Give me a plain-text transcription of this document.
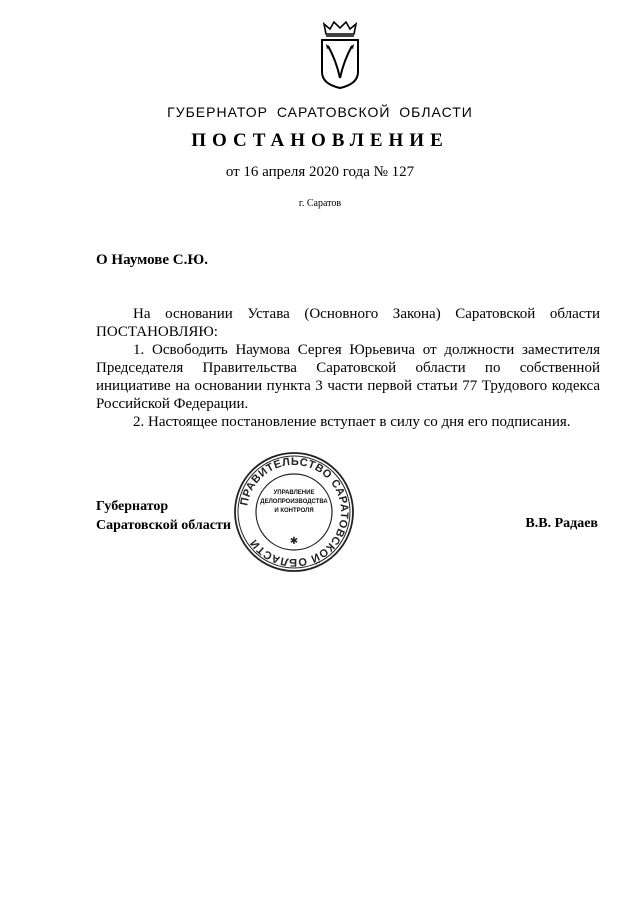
ГУБЕРНАТОР САРАТОВСКОЙ ОБЛАСТИ
ПОСТАНОВЛЕНИЕ
от 16 апреля 2020 года № 127
г. Саратов
О Наумове С.Ю.

На основании Устава (Основного Закона) Саратовской области ПОСТАНОВЛЯЮ:

1. Освободить Наумова Сергея Юрьевича от должности заместителя Председателя Правительства Саратовской области по собственной инициативе на основании пункта 3 части первой статьи 77 Трудового кодекса Российской Федерации.

2. Настоящее постановление вступает в силу со дня его подписания.

Губернатор
Саратовской области	В.В. Радаев
ПРАВИТЕЛЬСТВО САРАТОВСКОЙ ОБЛАСТИ	✱
УПРАВЛЕНИЕ
ДЕЛОПРОИЗВОДСТВА
И КОНТРОЛЯ
